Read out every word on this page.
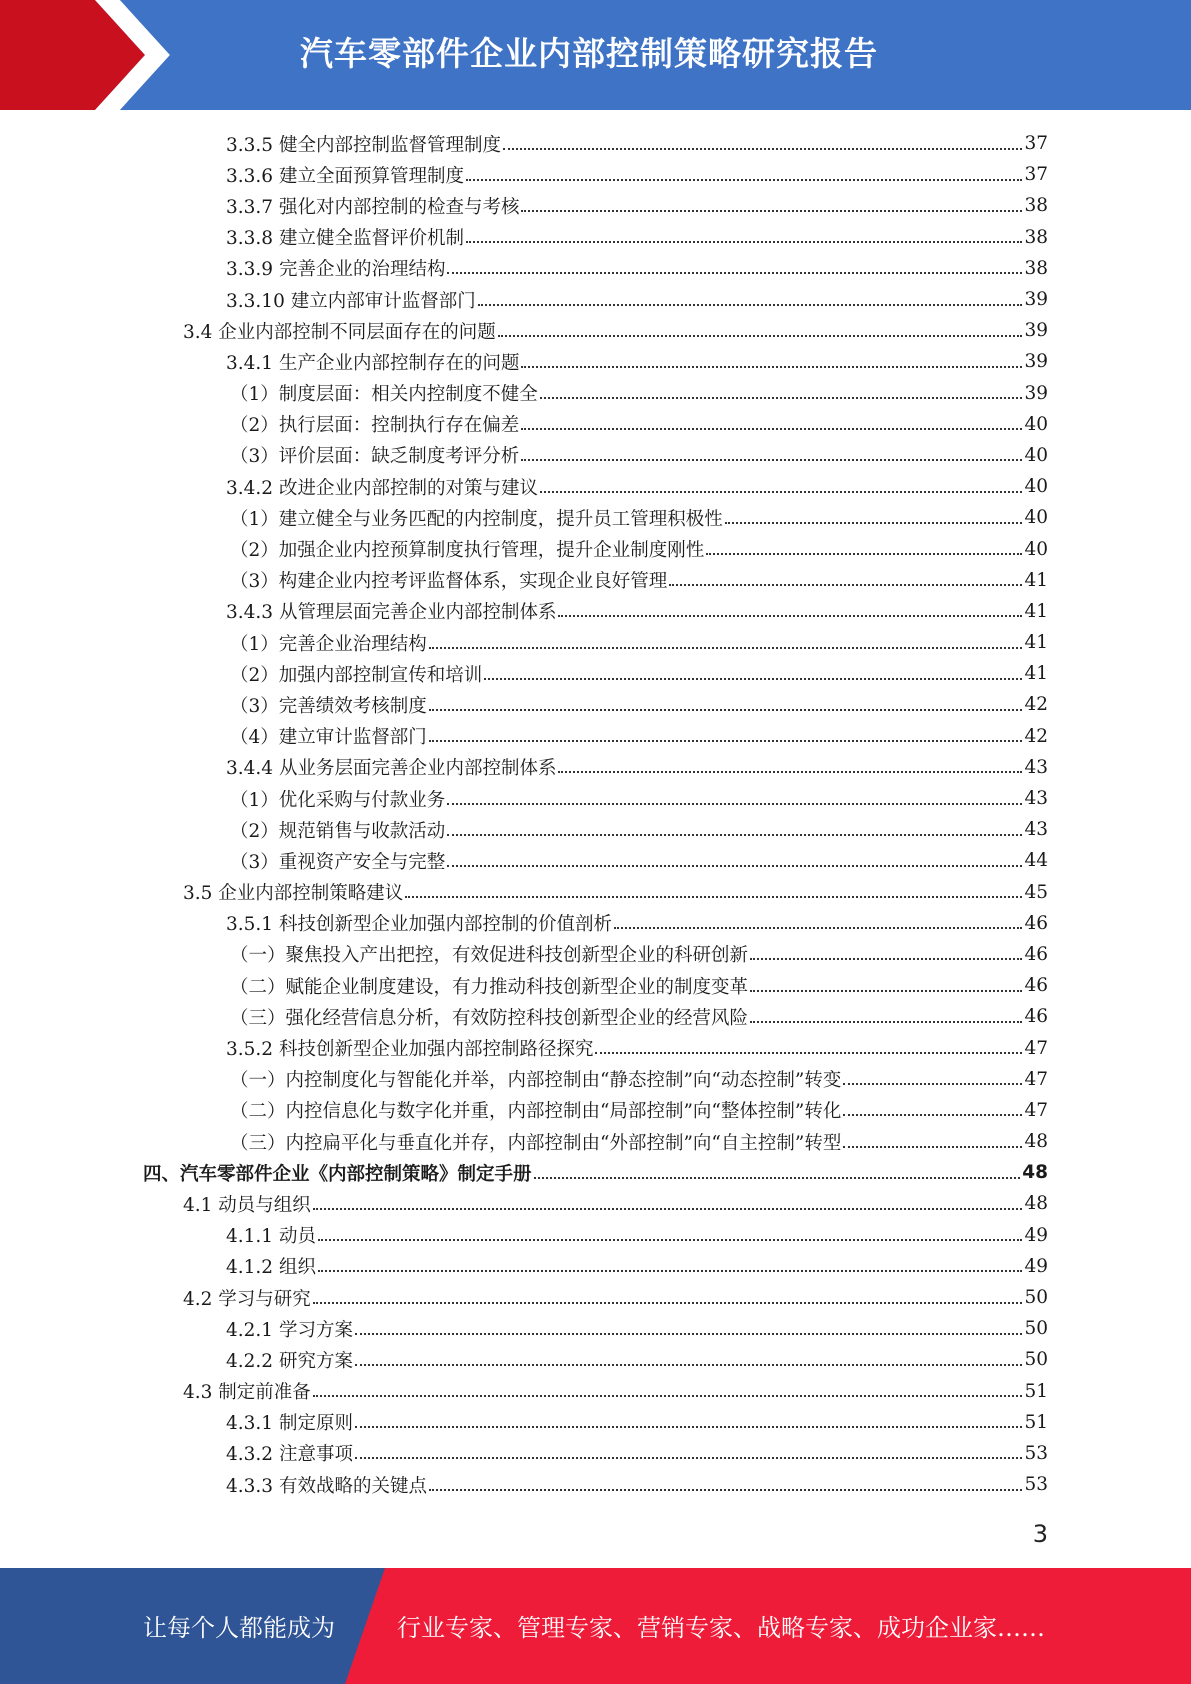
汽车零部件企业内部控制策略研究报告
3.3.5 健全内部控制监督管理制度	37
3.3.6 建立全面预算管理制度	37
3.3.7 强化对内部控制的检查与考核	38
3.3.8 建立健全监督评价机制	38
3.3.9 完善企业的治理结构	38
3.3.10 建立内部审计监督部门	39
3.4 企业内部控制不同层面存在的问题	39
3.4.1 生产企业内部控制存在的问题	39
（1）制度层面：相关内控制度不健全	39
（2）执行层面：控制执行存在偏差	40
（3）评价层面：缺乏制度考评分析	40
3.4.2 改进企业内部控制的对策与建议	40
（1）建立健全与业务匹配的内控制度，提升员工管理积极性	40
（2）加强企业内控预算制度执行管理，提升企业制度刚性	40
（3）构建企业内控考评监督体系，实现企业良好管理	41
3.4.3 从管理层面完善企业内部控制体系	41
（1）完善企业治理结构	41
（2）加强内部控制宣传和培训	41
（3）完善绩效考核制度	42
（4）建立审计监督部门	42
3.4.4 从业务层面完善企业内部控制体系	43
（1）优化采购与付款业务	43
（2）规范销售与收款活动	43
（3）重视资产安全与完整	44
3.5 企业内部控制策略建议	45
3.5.1 科技创新型企业加强内部控制的价值剖析	46
（一）聚焦投入产出把控，有效促进科技创新型企业的科研创新	46
（二）赋能企业制度建设，有力推动科技创新型企业的制度变革	46
（三）强化经营信息分析，有效防控科技创新型企业的经营风险	46
3.5.2 科技创新型企业加强内部控制路径探究	47
（一）内控制度化与智能化并举，内部控制由“静态控制”向“动态控制”转变	47
（二）内控信息化与数字化并重，内部控制由“局部控制”向“整体控制”转化	47
（三）内控扁平化与垂直化并存，内部控制由“外部控制”向“自主控制”转型	48
四、汽车零部件企业《内部控制策略》制定手册	48
4.1 动员与组织	48
4.1.1 动员	49
4.1.2 组织	49
4.2 学习与研究	50
4.2.1 学习方案	50
4.2.2 研究方案	50
4.3 制定前准备	51
4.3.1 制定原则	51
4.3.2 注意事项	53
4.3.3 有效战略的关键点	53
3
让每个人都能成为	行业专家、管理专家、营销专家、战略专家、成功企业家……
